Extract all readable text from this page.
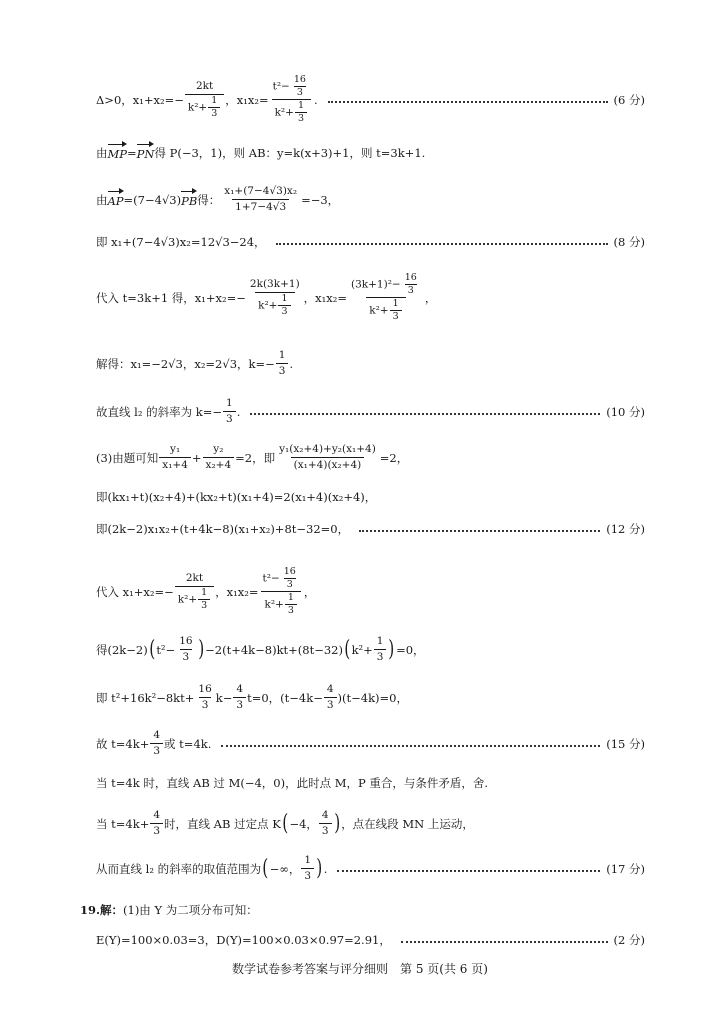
Δ>0，$x_1+x_2=- \frac{2kt}{k^2+ \frac{1}{3}}$ ，$x_1x_2= \frac{t^2- \frac{16}{3}}{k^2+ \frac{1}{3}}$ .	(6 分)
由 MP = PN 得 P(−3，1)，则 AB：y=k(x+3)+1，则 t=3k+1.
由 AP =(7−4√3) PB 得： $\frac{\text{x₁+(7−4√3)x₂}}{1+7-4√3} =-3$，
即 x₁+(7−4√3)x₂=12√3−24，	(8 分)
代入 t=3k+1 得，$x_1+x_2=- \frac{2k(3k+1)}{k^2+ \frac{1}{3}}$ ，$x_1x_2= \frac{(3k+1)^2- \frac{16}{3}}{k^2+ \frac{1}{3}}$ ，
解得：x₁=−2√3，x₂=2√3，$k=- \frac{1}{3}$ .
故直线 l₂ 的斜率为 $k=- \frac{1}{3}$ .	(10 分)
(3)由题可知 $\frac{\text{y₁}}{\text{x₁+4}} + \frac{\text{y₂}}{\text{x₂+4}} =2$，即 $\frac{\text{y₁(x₂+4)+y₂(x₁+4)}}{\text{(x₁+4)(x₂+4)}} =2$，
即(kx₁+t)(x₂+4)+(kx₂+t)(x₁+4)=2(x₁+4)(x₂+4)，
即(2k−2)x₁x₂+(t+4k−8)(x₁+x₂)+8t−32=0，	(12 分)
代入 $x_1+x_2=- \frac{2kt}{k^2+ \frac{1}{3}}$ ，$x_1x_2= \frac{t^2- \frac{16}{3}}{k^2+ \frac{1}{3}}$ ，
得(2k−2) ( $t^2- \frac{16}{3}$ ) −2(t+4k−8)kt+(8t−32) ( $k^2+ \frac{1}{3}$ ) =0，
即 $t^2+16k^2-8kt+ \frac{16}{3} k- \frac{4}{3} t=0$，$(t-4k- \frac{4}{3} )(t-4k)=0$，
故 $t=4k+ \frac{4}{3}$ 或 t=4k.	(15 分)
当 t=4k 时，直线 AB 过 M(−4，0)，此时点 M，P 重合，与条件矛盾，舍.
当 $t=4k+ \frac{4}{3}$ 时，直线 AB 过定点 K ( −4， $\frac{4}{3}$ ) ，点在线段 MN 上运动，
从而直线 l₂ 的斜率的取值范围为 ( −∞， $\frac{1}{3}$ ) .	(17 分)
19. 解： (1)由 Y 为二项分布可知：
E(Y)=100×0.03=3，D(Y)=100×0.03×0.97=2.91，	(2 分)
数学试卷参考答案与评分细则　第 5 页(共 6 页)
